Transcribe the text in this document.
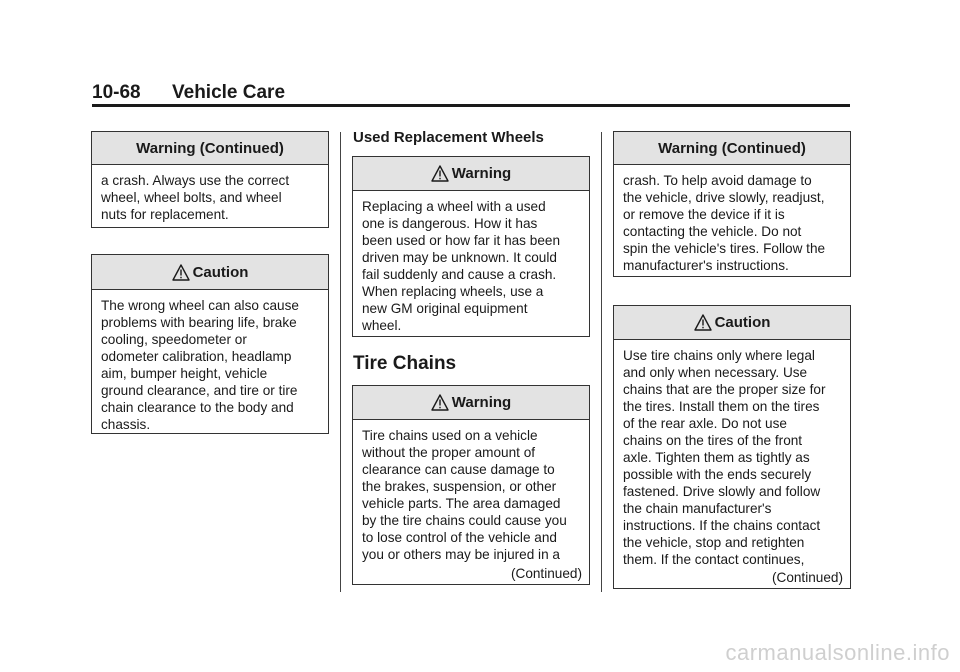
10-68 Vehicle Care
Warning (Continued)
a crash. Always use the correct
wheel, wheel bolts, and wheel
nuts for replacement.
Caution
The wrong wheel can also cause
problems with bearing life, brake
cooling, speedometer or
odometer calibration, headlamp
aim, bumper height, vehicle
ground clearance, and tire or tire
chain clearance to the body and
chassis.
Used Replacement Wheels
Warning
Replacing a wheel with a used
one is dangerous. How it has
been used or how far it has been
driven may be unknown. It could
fail suddenly and cause a crash.
When replacing wheels, use a
new GM original equipment
wheel.
Tire Chains
Warning
Tire chains used on a vehicle
without the proper amount of
clearance can cause damage to
the brakes, suspension, or other
vehicle parts. The area damaged
by the tire chains could cause you
to lose control of the vehicle and
you or others may be injured in a
(Continued)
Warning (Continued)
crash. To help avoid damage to
the vehicle, drive slowly, readjust,
or remove the device if it is
contacting the vehicle. Do not
spin the vehicle's tires. Follow the
manufacturer's instructions.
Caution
Use tire chains only where legal
and only when necessary. Use
chains that are the proper size for
the tires. Install them on the tires
of the rear axle. Do not use
chains on the tires of the front
axle. Tighten them as tightly as
possible with the ends securely
fastened. Drive slowly and follow
the chain manufacturer's
instructions. If the chains contact
the vehicle, stop and retighten
them. If the contact continues,
(Continued)
carmanualsonline.info
